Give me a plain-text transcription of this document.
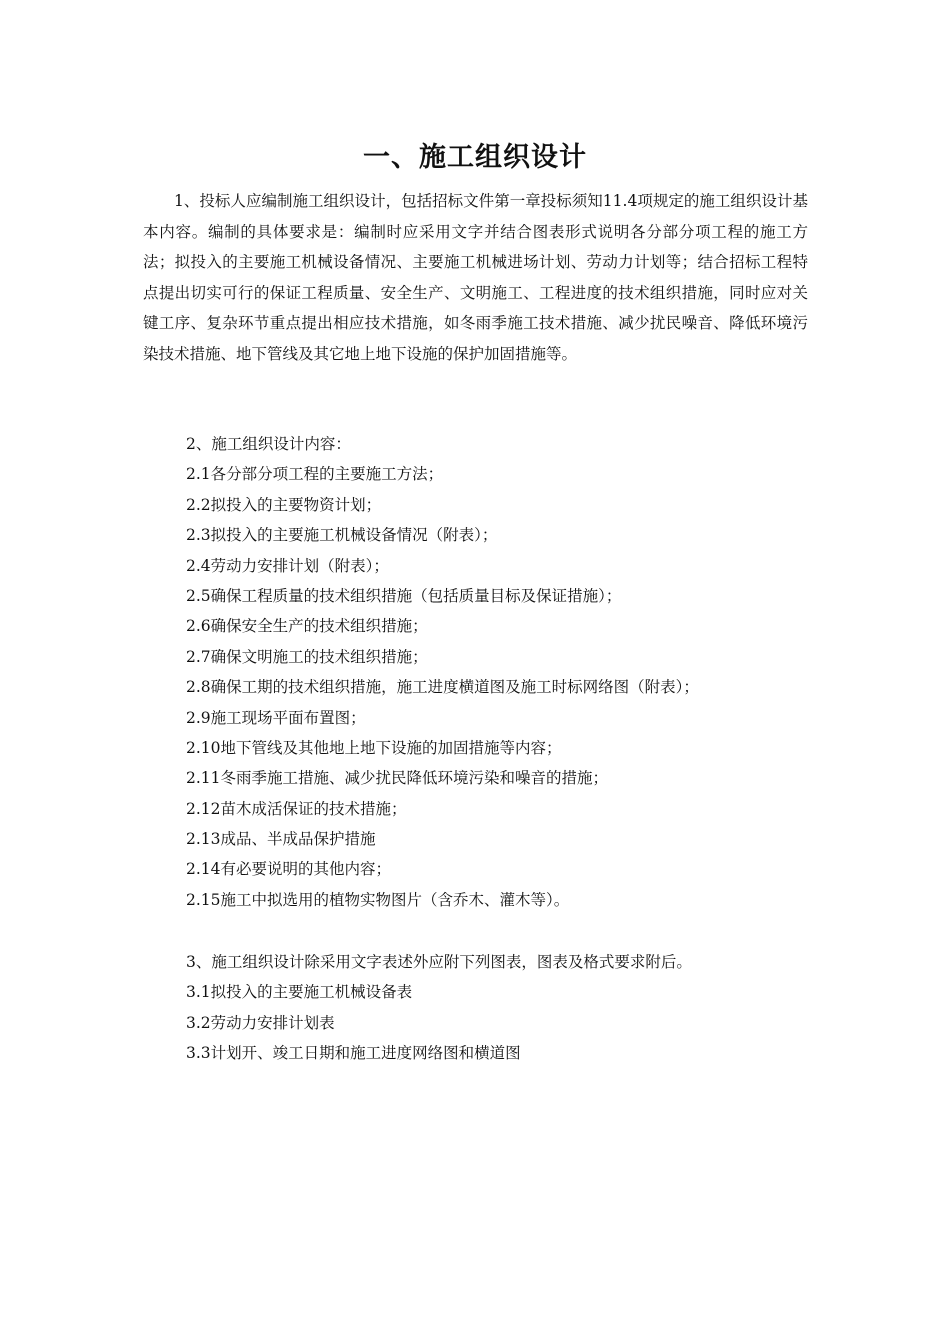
一、施工组织设计
1、投标人应编制施工组织设计，包括招标文件第一章投标须知11.4项规定的施工组织设计基本内容。编制的具体要求是：编制时应采用文字并结合图表形式说明各分部分项工程的施工方法；拟投入的主要施工机械设备情况、主要施工机械进场计划、劳动力计划等；结合招标工程特点提出切实可行的保证工程质量、安全生产、文明施工、工程进度的技术组织措施，同时应对关键工序、复杂环节重点提出相应技术措施，如冬雨季施工技术措施、减少扰民噪音、降低环境污染技术措施、地下管线及其它地上地下设施的保护加固措施等。
2、施工组织设计内容：
2.1各分部分项工程的主要施工方法；
2.2拟投入的主要物资计划；
2.3拟投入的主要施工机械设备情况（附表）；
2.4劳动力安排计划（附表）；
2.5确保工程质量的技术组织措施（包括质量目标及保证措施）；
2.6确保安全生产的技术组织措施；
2.7确保文明施工的技术组织措施；
2.8确保工期的技术组织措施，施工进度横道图及施工时标网络图（附表）；
2.9施工现场平面布置图；
2.10地下管线及其他地上地下设施的加固措施等内容；
2.11冬雨季施工措施、减少扰民降低环境污染和噪音的措施；
2.12苗木成活保证的技术措施；
2.13成品、半成品保护措施
2.14有必要说明的其他内容；
2.15施工中拟选用的植物实物图片（含乔木、灌木等）。
3、施工组织设计除采用文字表述外应附下列图表，图表及格式要求附后。
3.1拟投入的主要施工机械设备表
3.2劳动力安排计划表
3.3计划开、竣工日期和施工进度网络图和横道图
